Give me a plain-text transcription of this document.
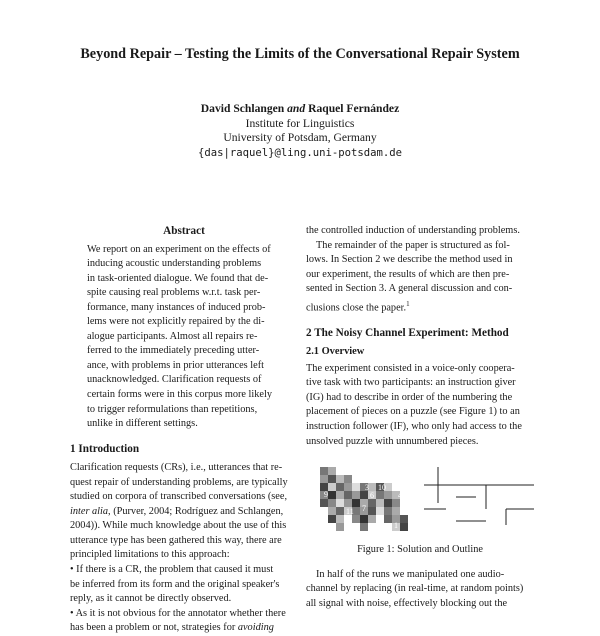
Beyond Repair – Testing the Limits of the Conversational Repair System
David Schlangen and Raquel Fernández
Institute for Linguistics
University of Potsdam, Germany
{das|raquel}@ling.uni-potsdam.de
Abstract
We report on an experiment on the effects of
inducing acoustic understanding problems
in task-oriented dialogue. We found that de-
spite causing real problems w.r.t. task per-
formance, many instances of induced prob-
lems were not explicitly repaired by the di-
alogue participants. Almost all repairs re-
ferred to the immediately preceding utter-
ance, with problems in prior utterances left
unacknowledged. Clarification requests of
certain forms were in this corpus more likely
to trigger reformulations than repetitions,
unlike in different settings.
1 Introduction
Clarification requests (CRs), i.e., utterances that re-
quest repair of understanding problems, are typically
studied on corpora of transcribed conversations (see,
inter alia, (Purver, 2004; Rodríguez and Schlangen,
2004)). While much knowledge about the use of this
utterance type has been gathered this way, there are
principled limitations to this approach:
• If there is a CR, the problem that caused it must
be inferred from its form and the original speaker's
reply, as it cannot be directly observed.
• As it is not obvious for the annotator whether there
has been a problem or not, strategies for avoiding
the controlled induction of understanding problems.
The remainder of the paper is structured as fol-
lows. In Section 2 we describe the method used in
our experiment, the results of which are then pre-
sented in Section 3. A general discussion and con-
clusions close the paper.$^1$
2 The Noisy Channel Experiment: Method
2.1 Overview
The experiment consisted in a voice-only coopera-
tive task with two participants: an instruction giver
(IG) had to describe in order of the numbering the
placement of pieces on a puzzle (see Figure 1) to an
instruction follower (IF), who only had access to the
unsolved puzzle with unnumbered pieces.
3 10
4
9	6
11 7
1
Figure 1: Solution and Outline
In half of the runs we manipulated one audio-
channel by replacing (in real-time, at random points)
all signal with noise, effectively blocking out the
